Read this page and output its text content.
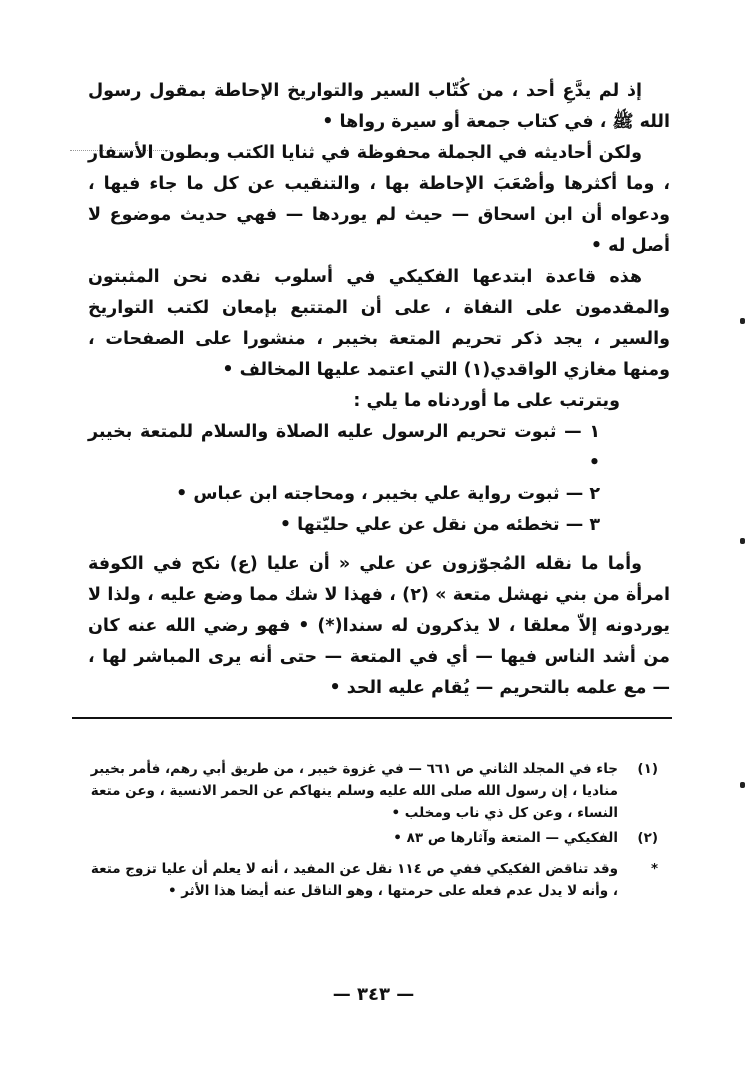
إذ لم يدَّعِ أحد ، من كُتّاب السير والتواريخ الإحاطة بمقول رسول الله ﷺ ، في كتاب جمعة أو سيرة رواها •

ولكن أحاديثه في الجملة محفوظة في ثنايا الكتب وبطون الأسفار ، وما أكثرها وأصْعَبَ الإحاطة بها ، والتنقيب عن كل ما جاء فيها ، ودعواه أن ابن اسحاق — حيث لم يوردها — فهي حديث موضوع لا أصل له •

هذه قاعدة ابتدعها الفكيكي في أسلوب نقده نحن المثبتون والمقدمون على النفاة ، على أن المتتبع بإمعان لكتب التواريخ والسير ، يجد ذكر تحريم المتعة بخيبر ، منشورا على الصفحات ، ومنها مغازي الواقدي(١) التي اعتمد عليها المخالف •

ويترتب على ما أوردناه ما يلي :

١ — ثبوت تحريم الرسول عليه الصلاة والسلام للمتعة بخيبر •

٢ — ثبوت رواية علي بخيبر ، ومحاجته ابن عباس •

٣ — تخطئه من نقل عن علي حليّتها •

وأما ما نقله المُجوّزون عن علي « أن عليا (ع) نكح في الكوفة امرأة من بني نهشل متعة » (٢) ، فهذا لا شك مما وضع عليه ، ولذا لا يوردونه إلاّ معلقا ، لا يذكرون له سندا(*) • فهو رضي الله عنه كان من أشد الناس فيها — أي في المتعة — حتى أنه يرى المباشر لها ، — مع علمه بالتحريم — يُقام عليه الحد •

(١)
جاء في المجلد الثاني ص ٦٦١ — في غزوة خيبر ، من طريق أبي رهم، فأمر بخيبر مناديا ، إن رسول الله صلى الله عليه وسلم ينهاكم عن الحمر الانسية ، وعن متعة النساء ، وعن كل ذي ناب ومخلب •
(٢)
الفكيكي — المتعة وآثارها ص ٨٣ •
*
وقد تناقض الفكيكي ففي ص ١١٤ نقل عن المفيد ، أنه لا يعلم أن عليا تزوج متعة ، وأنه لا يدل عدم فعله على حرمتها ، وهو الناقل عنه أيضا هذا الأثر •
— ٣٤٣ —
